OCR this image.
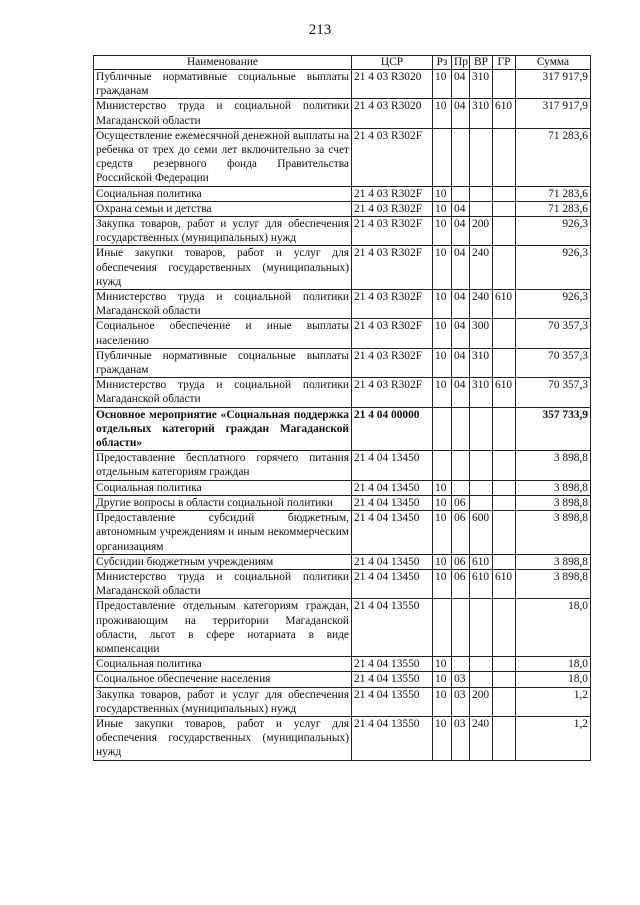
213
Наименование	ЦСР	Рз	Пр	ВР	ГР	Сумма
Публичные нормативные социальные выплаты гражданам	21 4 03 R3020	10	04	310		317 917,9
Министерство труда и социальной политики Магаданской области	21 4 03 R3020	10	04	310	610	317 917,9
Осуществление ежемесячной денежной выплаты на ребенка от трех до семи лет включительно за счет средств резервного фонда Правительства Российской Федерации	21 4 03 R302F					71 283,6
Социальная политика	21 4 03 R302F	10				71 283,6
Охрана семьи и детства	21 4 03 R302F	10	04			71 283,6
Закупка товаров, работ и услуг для обеспечения государственных (муниципальных) нужд	21 4 03 R302F	10	04	200		926,3
Иные закупки товаров, работ и услуг для обеспечения государственных (муниципальных) нужд	21 4 03 R302F	10	04	240		926,3
Министерство труда и социальной политики Магаданской области	21 4 03 R302F	10	04	240	610	926,3
Социальное обеспечение и иные выплаты населению	21 4 03 R302F	10	04	300		70 357,3
Публичные нормативные социальные выплаты гражданам	21 4 03 R302F	10	04	310		70 357,3
Министерство труда и социальной политики Магаданской области	21 4 03 R302F	10	04	310	610	70 357,3
Основное мероприятие «Социальная поддержка отдельных категорий граждан Магаданской области»	21 4 04 00000					357 733,9
Предоставление бесплатного горячего питания отдельным категориям граждан	21 4 04 13450					3 898,8
Социальная политика	21 4 04 13450	10				3 898,8
Другие вопросы в области социальной политики	21 4 04 13450	10	06			3 898,8
Предоставление субсидий бюджетным, автономным учреждениям и иным некоммерческим организациям	21 4 04 13450	10	06	600		3 898,8
Субсидии бюджетным учреждениям	21 4 04 13450	10	06	610		3 898,8
Министерство труда и социальной политики Магаданской области	21 4 04 13450	10	06	610	610	3 898,8
Предоставление отдельным категориям граждан, проживающим на территории Магаданской области, льгот в сфере нотариата в виде компенсации	21 4 04 13550					18,0
Социальная политика	21 4 04 13550	10				18,0
Социальное обеспечение населения	21 4 04 13550	10	03			18,0
Закупка товаров, работ и услуг для обеспечения государственных (муниципальных) нужд	21 4 04 13550	10	03	200		1,2
Иные закупки товаров, работ и услуг для обеспечения государственных (муниципальных) нужд	21 4 04 13550	10	03	240		1,2
